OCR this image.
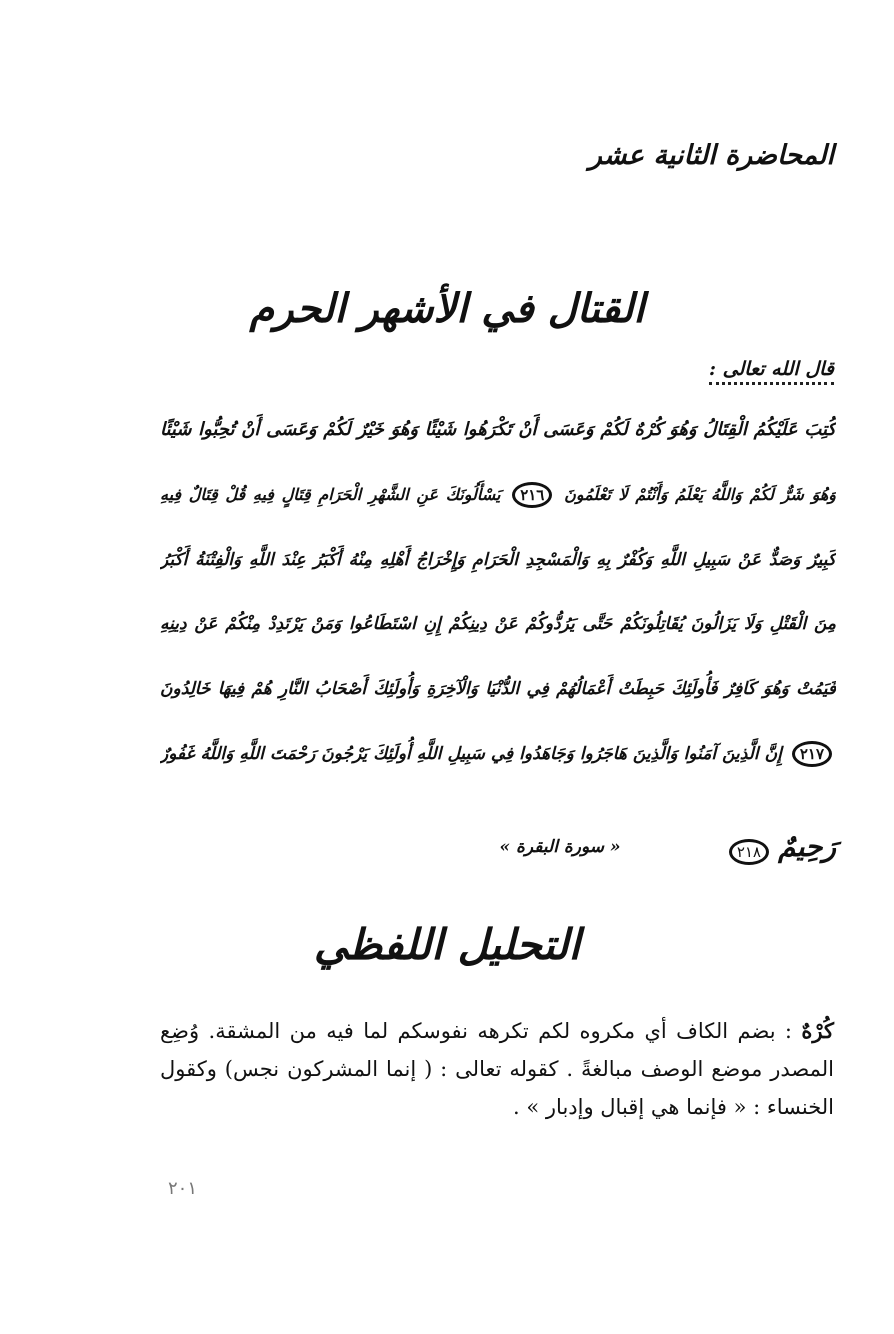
المحاضرة الثانية عشر
القتال في الأشهر الحرم
قال الله تعالى :
كُتِبَ عَلَيْكُمُ الْقِتَالُ وَهُوَ كُرْهٌ لَكُمْ وَعَسَى أَنْ تَكْرَهُوا شَيْئًا وَهُوَ خَيْرٌ لَكُمْ وَعَسَى أَنْ تُحِبُّوا شَيْئًا
وَهُوَ شَرٌّ لَكُمْ وَاللَّهُ يَعْلَمُ وَأَنْتُمْ لَا تَعْلَمُونَ ٢١٦ يَسْأَلُونَكَ عَنِ الشَّهْرِ الْحَرَامِ قِتَالٍ فِيهِ قُلْ قِتَالٌ فِيهِ
كَبِيرٌ وَصَدٌّ عَنْ سَبِيلِ اللَّهِ وَكُفْرٌ بِهِ وَالْمَسْجِدِ الْحَرَامِ وَإِخْرَاجُ أَهْلِهِ مِنْهُ أَكْبَرُ عِنْدَ اللَّهِ وَالْفِتْنَةُ أَكْبَرُ
مِنَ الْقَتْلِ وَلَا يَزَالُونَ يُقَاتِلُونَكُمْ حَتَّى يَرُدُّوكُمْ عَنْ دِينِكُمْ إِنِ اسْتَطَاعُوا وَمَنْ يَرْتَدِدْ مِنْكُمْ عَنْ دِينِهِ
فَيَمُتْ وَهُوَ كَافِرٌ فَأُولَئِكَ حَبِطَتْ أَعْمَالُهُمْ فِي الدُّنْيَا وَالْآخِرَةِ وَأُولَئِكَ أَصْحَابُ النَّارِ هُمْ فِيهَا خَالِدُونَ
٢١٧ إِنَّ الَّذِينَ آمَنُوا وَالَّذِينَ هَاجَرُوا وَجَاهَدُوا فِي سَبِيلِ اللَّهِ أُولَئِكَ يَرْجُونَ رَحْمَتَ اللَّهِ وَاللَّهُ غَفُورٌ
رَحِيمٌ ٢١٨
« سورة البقرة »
التحليل اللفظي
كُرْهٌ : بضم الكاف أي مكروه لكم تكرهه نفوسكم لما فيه من المشقة. وُضِع المصدر موضع الوصف مبالغةً . كقوله تعالى : ( إنما المشركون نجس) وكقول الخنساء : « فإنما هي إقبال وإدبار » .
٢٠١
